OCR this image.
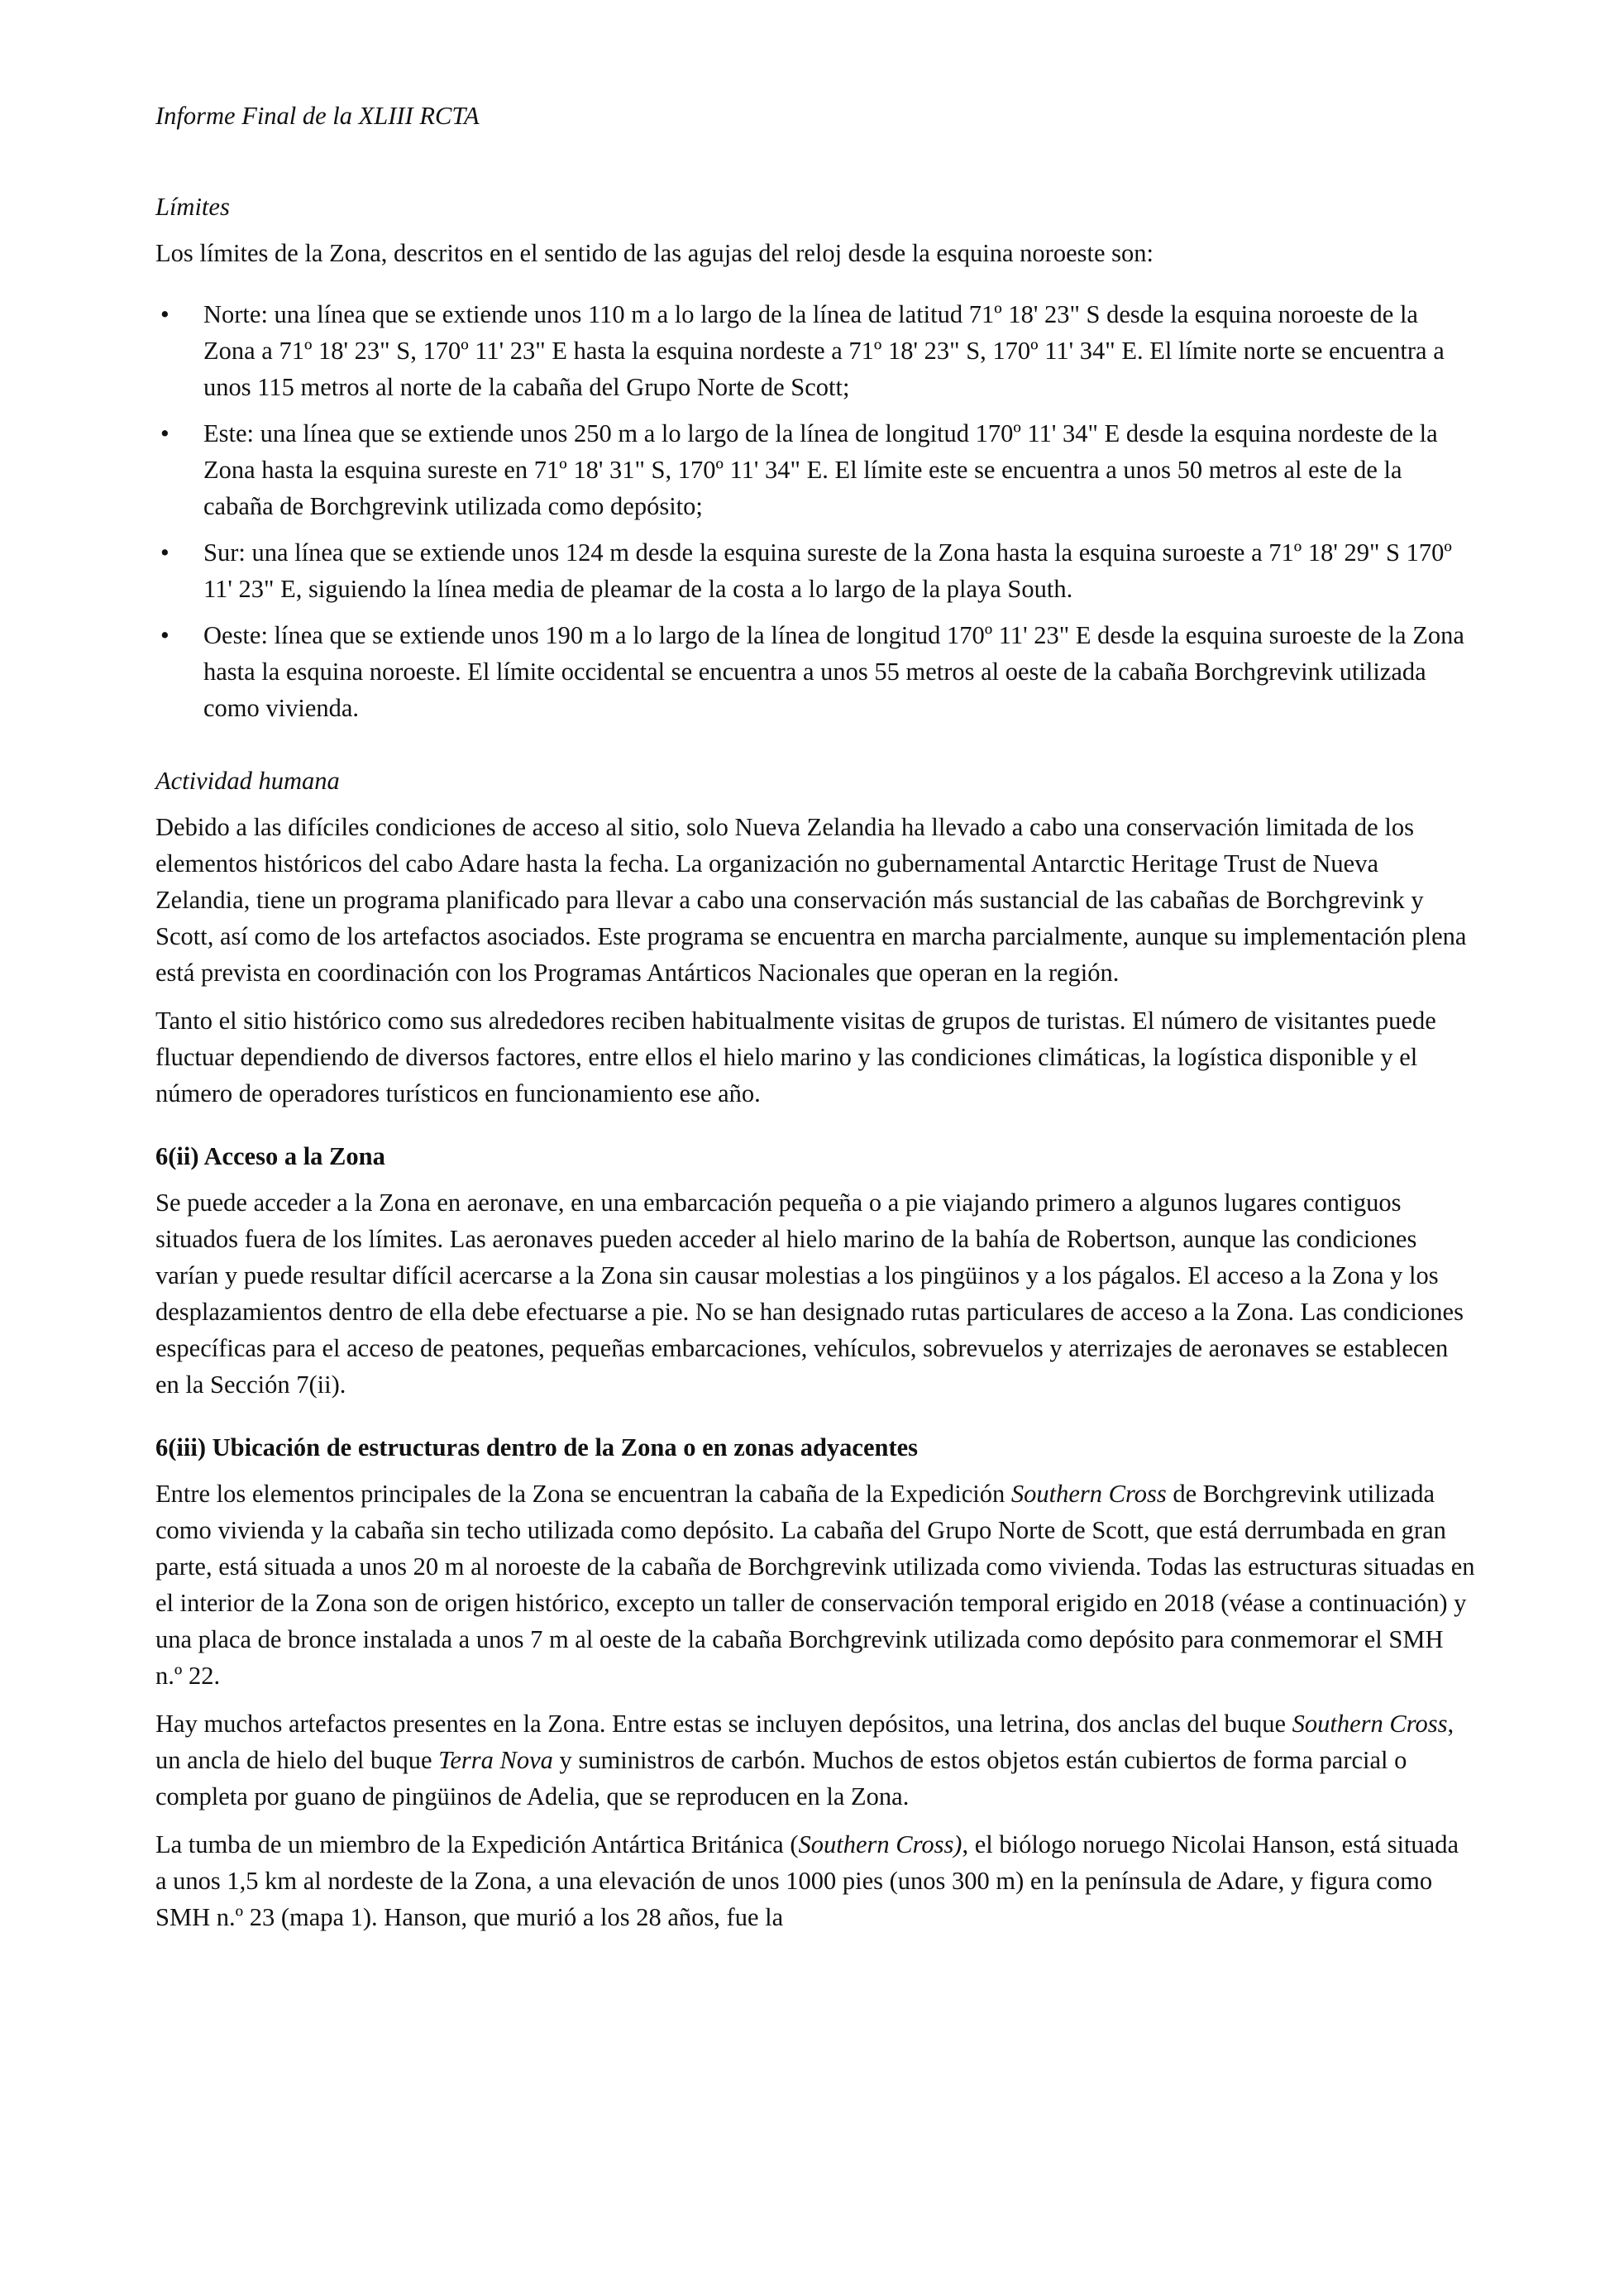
Informe Final de la XLIII RCTA
Límites

Los límites de la Zona, descritos en el sentido de las agujas del reloj desde la esquina noroeste son:

• Norte: una línea que se extiende unos 110 m a lo largo de la línea de latitud 71º 18' 23" S desde la esquina noroeste de la Zona a 71º 18' 23" S, 170º 11' 23" E hasta la esquina nordeste a 71º 18' 23" S, 170º 11' 34" E. El límite norte se encuentra a unos 115 metros al norte de la cabaña del Grupo Norte de Scott;
• Este: una línea que se extiende unos 250 m a lo largo de la línea de longitud 170º 11' 34" E desde la esquina nordeste de la Zona hasta la esquina sureste en 71º 18' 31" S, 170º 11' 34" E. El límite este se encuentra a unos 50 metros al este de la cabaña de Borchgrevink utilizada como depósito;
• Sur: una línea que se extiende unos 124 m desde la esquina sureste de la Zona hasta la esquina suroeste a 71º 18' 29" S 170º 11' 23" E, siguiendo la línea media de pleamar de la costa a lo largo de la playa South.
• Oeste: línea que se extiende unos 190 m a lo largo de la línea de longitud 170º 11' 23" E desde la esquina suroeste de la Zona hasta la esquina noroeste. El límite occidental se encuentra a unos 55 metros al oeste de la cabaña Borchgrevink utilizada como vivienda.
Actividad humana

Debido a las difíciles condiciones de acceso al sitio, solo Nueva Zelandia ha llevado a cabo una conservación limitada de los elementos históricos del cabo Adare hasta la fecha. La organización no gubernamental Antarctic Heritage Trust de Nueva Zelandia, tiene un programa planificado para llevar a cabo una conservación más sustancial de las cabañas de Borchgrevink y Scott, así como de los artefactos asociados. Este programa se encuentra en marcha parcialmente, aunque su implementación plena está prevista en coordinación con los Programas Antárticos Nacionales que operan en la región.

Tanto el sitio histórico como sus alrededores reciben habitualmente visitas de grupos de turistas. El número de visitantes puede fluctuar dependiendo de diversos factores, entre ellos el hielo marino y las condiciones climáticas, la logística disponible y el número de operadores turísticos en funcionamiento ese año.

6(ii) Acceso a la Zona

Se puede acceder a la Zona en aeronave, en una embarcación pequeña o a pie viajando primero a algunos lugares contiguos situados fuera de los límites. Las aeronaves pueden acceder al hielo marino de la bahía de Robertson, aunque las condiciones varían y puede resultar difícil acercarse a la Zona sin causar molestias a los pingüinos y a los págalos. El acceso a la Zona y los desplazamientos dentro de ella debe efectuarse a pie. No se han designado rutas particulares de acceso a la Zona. Las condiciones específicas para el acceso de peatones, pequeñas embarcaciones, vehículos, sobrevuelos y aterrizajes de aeronaves se establecen en la Sección 7(ii).

6(iii) Ubicación de estructuras dentro de la Zona o en zonas adyacentes

Entre los elementos principales de la Zona se encuentran la cabaña de la Expedición Southern Cross de Borchgrevink utilizada como vivienda y la cabaña sin techo utilizada como depósito. La cabaña del Grupo Norte de Scott, que está derrumbada en gran parte, está situada a unos 20 m al noroeste de la cabaña de Borchgrevink utilizada como vivienda. Todas las estructuras situadas en el interior de la Zona son de origen histórico, excepto un taller de conservación temporal erigido en 2018 (véase a continuación) y una placa de bronce instalada a unos 7 m al oeste de la cabaña Borchgrevink utilizada como depósito para conmemorar el SMH n.º 22.

Hay muchos artefactos presentes en la Zona. Entre estas se incluyen depósitos, una letrina, dos anclas del buque Southern Cross, un ancla de hielo del buque Terra Nova y suministros de carbón. Muchos de estos objetos están cubiertos de forma parcial o completa por guano de pingüinos de Adelia, que se reproducen en la Zona.

La tumba de un miembro de la Expedición Antártica Británica (Southern Cross), el biólogo noruego Nicolai Hanson, está situada a unos 1,5 km al nordeste de la Zona, a una elevación de unos 1000 pies (unos 300 m) en la península de Adare, y figura como SMH n.º 23 (mapa 1). Hanson, que murió a los 28 años, fue la
